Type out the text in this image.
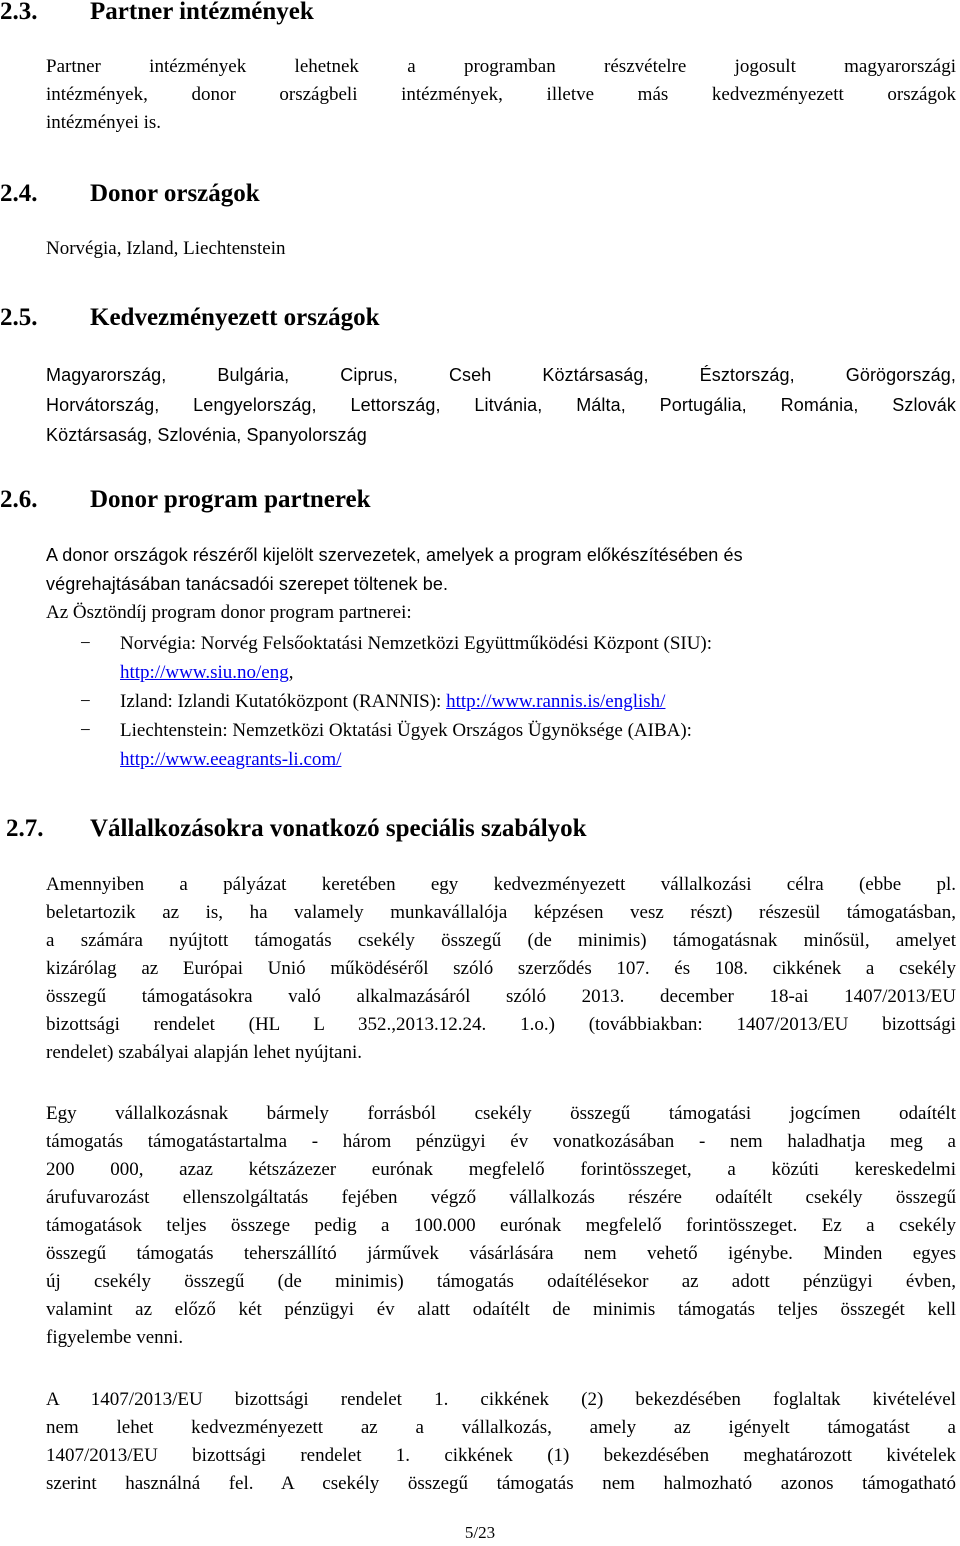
2.3. Partner intézmények
Partner intézmények lehetnek a programban részvételre jogosult magyarországi
intézmények, donor országbeli intézmények, illetve más kedvezményezett országok
intézményei is.
2.4. Donor országok
Norvégia, Izland, Liechtenstein
2.5. Kedvezményezett országok
Magyarország, Bulgária, Ciprus, Cseh Köztársaság, Észtország, Görögország,
Horvátország, Lengyelország, Lettország, Litvánia, Málta, Portugália, Románia, Szlovák
Köztársaság, Szlovénia, Spanyolország
2.6. Donor program partnerek
A donor országok részéről kijelölt szervezetek, amelyek a program előkészítésében és
végrehajtásában tanácsadói szerepet töltenek be.
Az Ösztöndíj program donor program partnerei:
−	Norvégia: Norvég Felsőoktatási Nemzetközi Együttműködési Központ (SIU):
http://www.siu.no/eng,
−	Izland: Izlandi Kutatóközpont (RANNIS): http://www.rannis.is/english/
−	Liechtenstein: Nemzetközi Oktatási Ügyek Országos Ügynöksége (AIBA):
http://www.eeagrants-li.com/
2.7. Vállalkozásokra vonatkozó speciális szabályok
Amennyiben a pályázat keretében egy kedvezményezett vállalkozási célra (ebbe pl.
beletartozik az is, ha valamely munkavállalója képzésen vesz részt) részesül támogatásban,
a számára nyújtott támogatás csekély összegű (de minimis) támogatásnak minősül, amelyet
kizárólag az Európai Unió működéséről szóló szerződés 107. és 108. cikkének a csekély
összegű támogatásokra való alkalmazásáról szóló 2013. december 18-ai 1407/2013/EU
bizottsági rendelet (HL L 352.,2013.12.24. 1.o.) (továbbiakban: 1407/2013/EU bizottsági
rendelet) szabályai alapján lehet nyújtani.
Egy vállalkozásnak bármely forrásból csekély összegű támogatási jogcímen odaítélt
támogatás támogatástartalma - három pénzügyi év vonatkozásában - nem haladhatja meg a
200 000, azaz kétszázezer eurónak megfelelő forintösszeget, a közúti kereskedelmi
árufuvarozást ellenszolgáltatás fejében végző vállalkozás részére odaítélt csekély összegű
támogatások teljes összege pedig a 100.000 eurónak megfelelő forintösszeget. Ez a csekély
összegű támogatás teherszállító járművek vásárlására nem vehető igénybe. Minden egyes
új csekély összegű (de minimis) támogatás odaítélésekor az adott pénzügyi évben,
valamint az előző két pénzügyi év alatt odaítélt de minimis támogatás teljes összegét kell
figyelembe venni.
A 1407/2013/EU bizottsági rendelet 1. cikkének (2) bekezdésében foglaltak kivételével
nem lehet kedvezményezett az a vállalkozás, amely az igényelt támogatást a
1407/2013/EU bizottsági rendelet 1. cikkének (1) bekezdésében meghatározott kivételek
szerint használná fel. A csekély összegű támogatás nem halmozható azonos támogatható
5/23
